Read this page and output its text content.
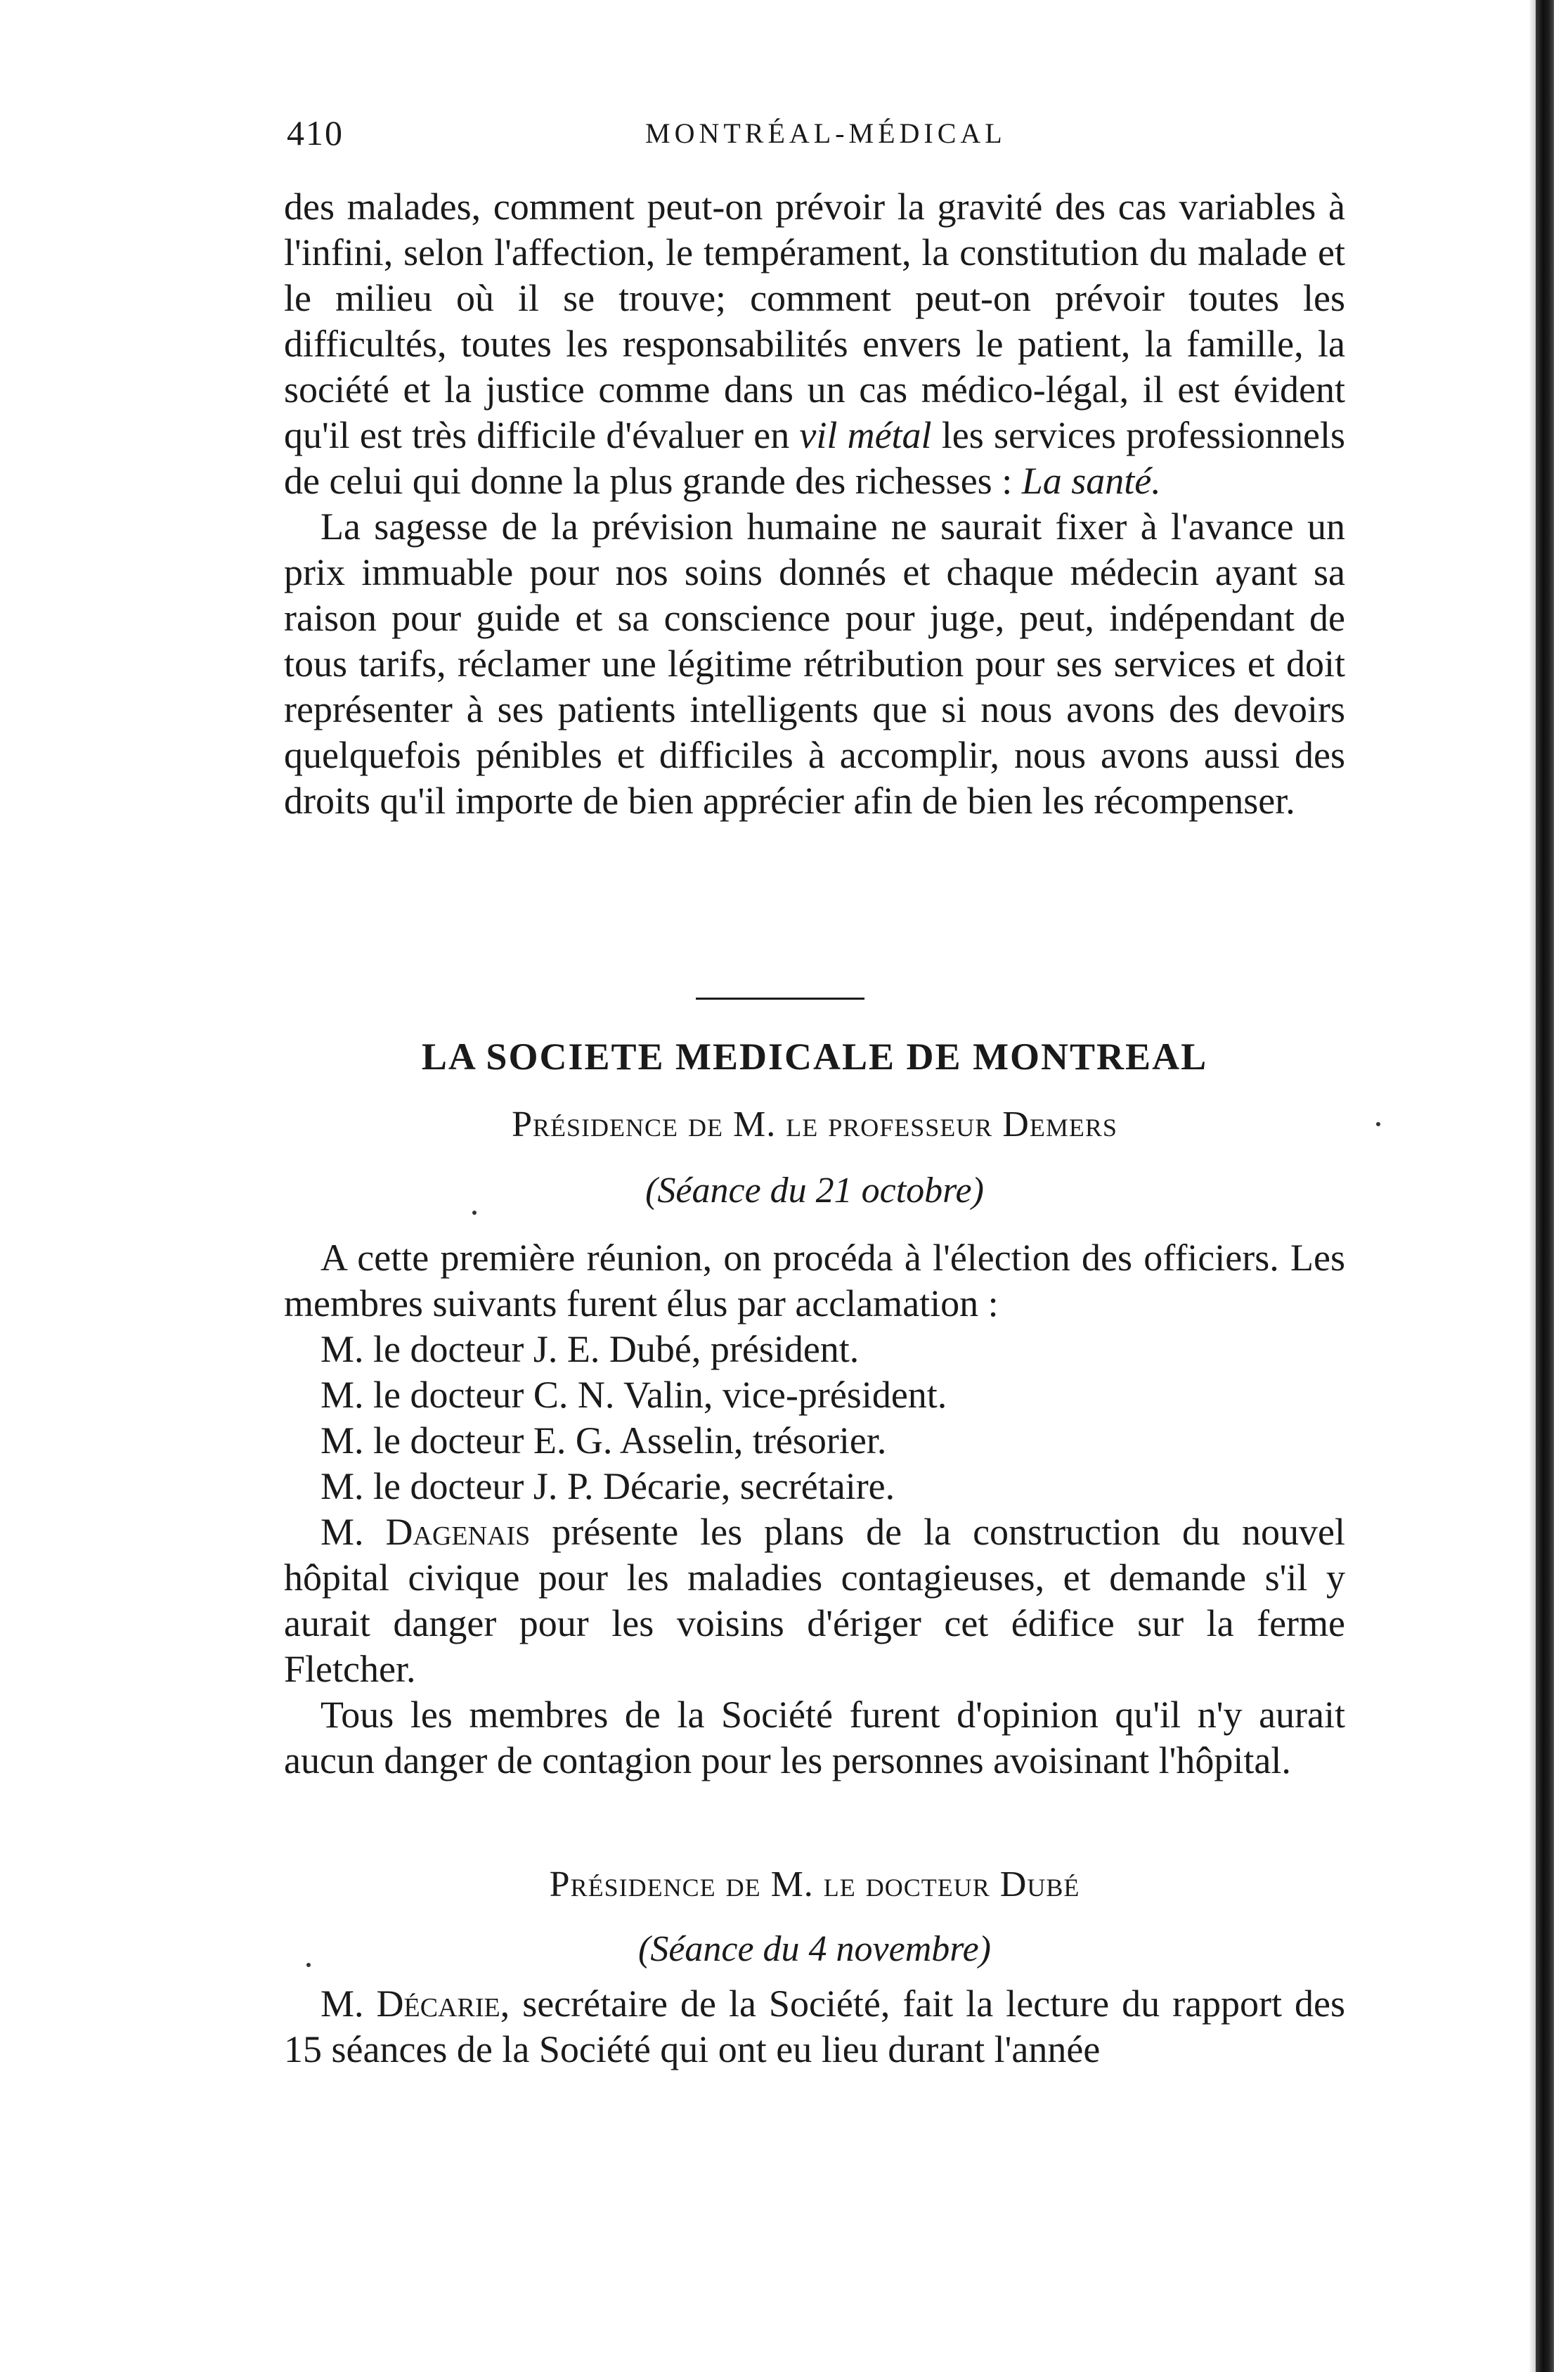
410	MONTRÉAL-MÉDICAL

des malades, comment peut-on prévoir la gravité des cas variables à l'infini, selon l'affection, le tempérament, la constitution du malade et le milieu où il se trouve; comment peut-on prévoir toutes les difficultés, toutes les responsabilités envers le patient, la famille, la société et la justice comme dans un cas médico-légal, il est évident qu'il est très difficile d'évaluer en vil métal les services professionnels de celui qui donne la plus grande des richesses : La santé.

La sagesse de la prévision humaine ne saurait fixer à l'avance un prix immuable pour nos soins donnés et chaque médecin ayant sa raison pour guide et sa conscience pour juge, peut, indépendant de tous tarifs, réclamer une légitime rétribution pour ses services et doit représenter à ses patients intelligents que si nous avons des devoirs quelquefois pénibles et difficiles à accomplir, nous avons aussi des droits qu'il importe de bien apprécier afin de bien les récompenser.

LA SOCIETE MEDICALE DE MONTREAL
Présidence de M. le professeur Demers
(Séance du 21 octobre)

A cette première réunion, on procéda à l'élection des officiers. Les membres suivants furent élus par acclamation :

M. le docteur J. E. Dubé, président.
M. le docteur C. N. Valin, vice-président.
M. le docteur E. G. Asselin, trésorier.
M. le docteur J. P. Décarie, secrétaire.

M. Dagenais présente les plans de la construction du nouvel hôpital civique pour les maladies contagieuses, et demande s'il y aurait danger pour les voisins d'ériger cet édifice sur la ferme Fletcher.

Tous les membres de la Société furent d'opinion qu'il n'y aurait aucun danger de contagion pour les personnes avoisinant l'hôpital.

Présidence de M. le docteur Dubé
(Séance du 4 novembre)

M. Décarie, secrétaire de la Société, fait la lecture du rapport des 15 séances de la Société qui ont eu lieu durant l'année
